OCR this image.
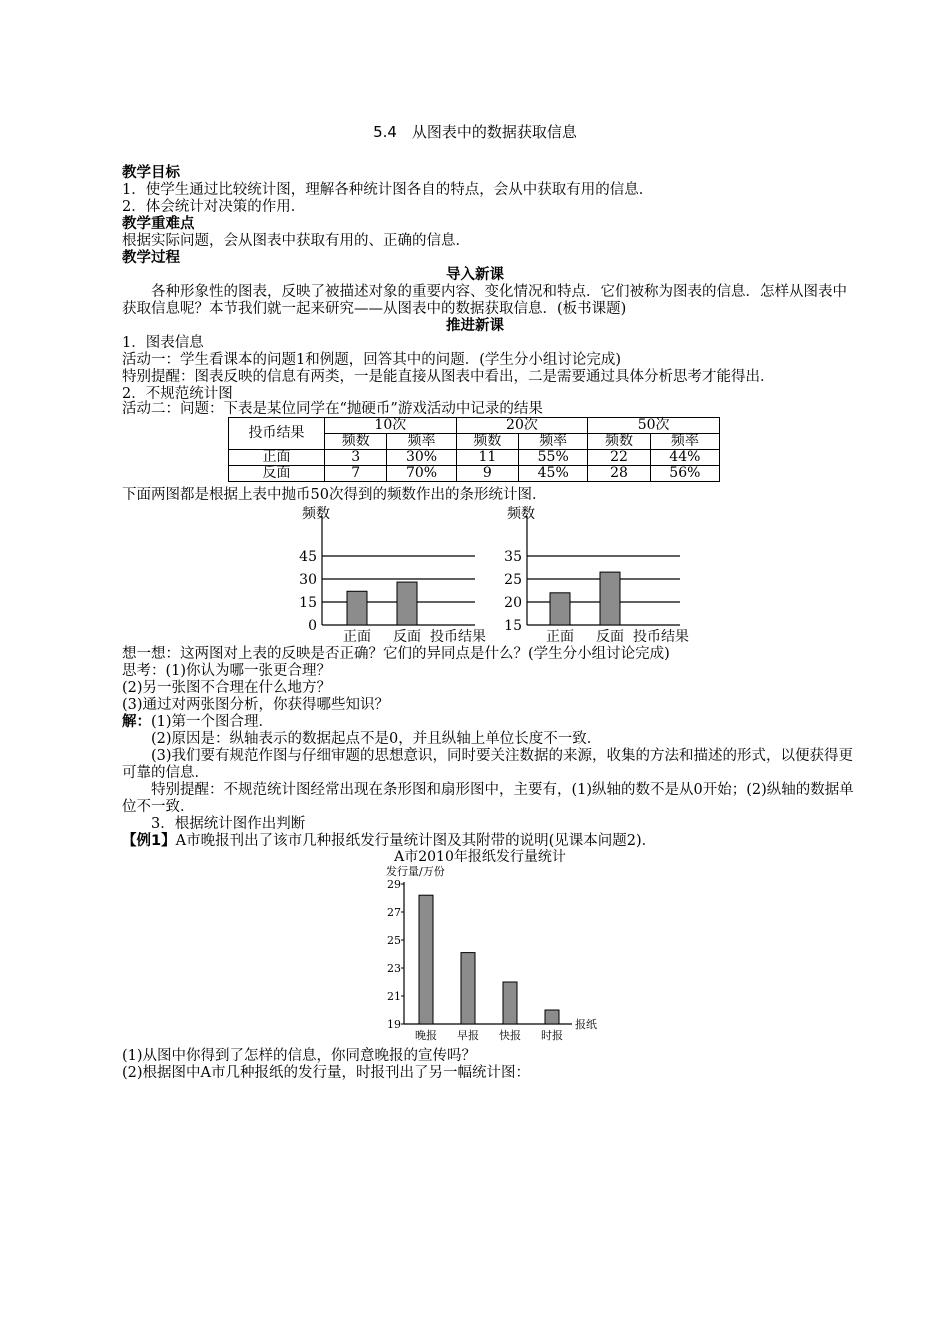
5.4　从图表中的数据获取信息
教学目标
1．使学生通过比较统计图，理解各种统计图各自的特点，会从中获取有用的信息．
2．体会统计对决策的作用．
教学重难点
根据实际问题，会从图表中获取有用的、正确的信息．
教学过程
导入新课
各种形象性的图表，反映了被描述对象的重要内容、变化情况和特点．它们被称为图表的信息．怎样从图表中获取信息呢？本节我们就一起来研究——从图表中的数据获取信息．(板书课题)
推进新课
1．图表信息
活动一：学生看课本的问题1和例题，回答其中的问题．(学生分小组讨论完成)
特别提醒：图表反映的信息有两类，一是能直接从图表中看出，二是需要通过具体分析思考才能得出．
2．不规范统计图
活动二：问题：下表是某位同学在“抛硬币”游戏活动中记录的结果
投币结果	10次		20次		50次	
	频数	频率	频数	频率	频数	频率
正面	3	30%	11	55%	22	44%
反面	7	70%	9	45%	28	56%
下面两图都是根据上表中抛币50次得到的频数作出的条形统计图．
频数
0
15
30
45
正面 反面 投币结果
频数
15
20
25
35
正面 反面 投币结果
想一想：这两图对上表的反映是否正确？它们的异同点是什么？(学生分小组讨论完成)
思考：(1)你认为哪一张更合理？
(2)另一张图不合理在什么地方？
(3)通过对两张图分析，你获得哪些知识？
解：(1)第一个图合理．
(2)原因是：纵轴表示的数据起点不是0，并且纵轴上单位长度不一致．
(3)我们要有规范作图与仔细审题的思想意识，同时要关注数据的来源，收集的方法和描述的形式，以便获得更可靠的信息．
特别提醒：不规范统计图经常出现在条形图和扇形图中，主要有，(1)纵轴的数不是从0开始；(2)纵轴的数据单位不一致．
3．根据统计图作出判断
【例1】A市晚报刊出了该市几种报纸发行量统计图及其附带的说明(见课本问题2)．
A市2010年报纸发行量统计
发行量/万份
19
21
23
25
27
29
晚报 早报 快报 时报
报纸
(1)从图中你得到了怎样的信息，你同意晚报的宣传吗？
(2)根据图中A市几种报纸的发行量，时报刊出了另一幅统计图：
